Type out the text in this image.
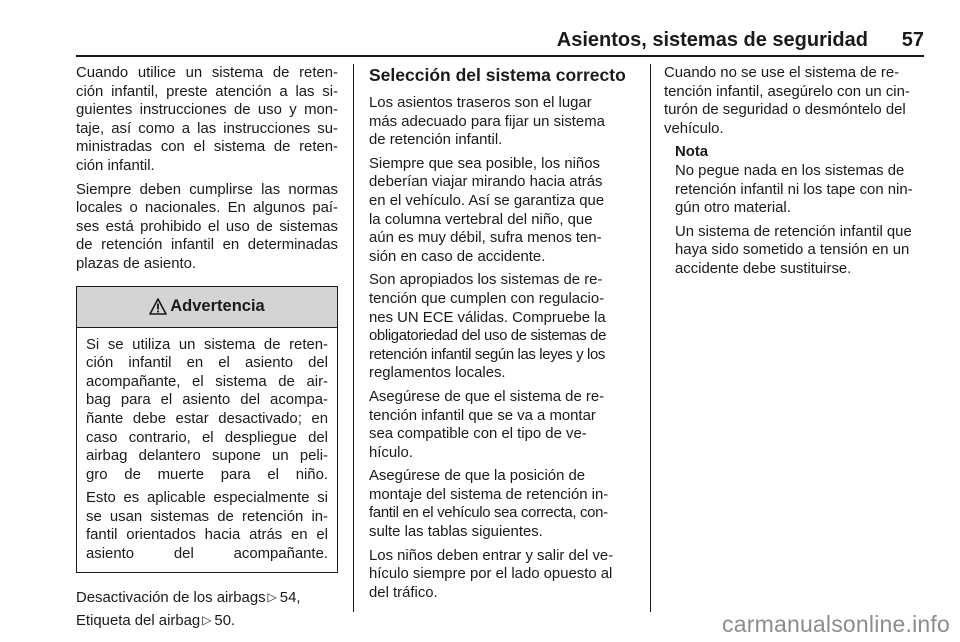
Asientos, sistemas de seguridad 57

Cuando utilice un sistema de reten-
ción infantil, preste atención a las si-
guientes instrucciones de uso y mon-
taje, así como a las instrucciones su-
ministradas con el sistema de reten-
ción infantil.

Siempre deben cumplirse las normas
locales o nacionales. En algunos paí-
ses está prohibido el uso de sistemas
de retención infantil en determinadas
plazas de asiento.

Advertencia

Si se utiliza un sistema de reten-
ción infantil en el asiento del
acompañante, el sistema de air-
bag para el asiento del acompa-
ñante debe estar desactivado; en
caso contrario, el despliegue del
airbag delantero supone un peli-
gro de muerte para el niño.

Esto es aplicable especialmente si
se usan sistemas de retención in-
fantil orientados hacia atrás en el
asiento del acompañante.

Desactivación de los airbags ▷ 54,

Etiqueta del airbag ▷ 50.

Selección del sistema correcto

Los asientos traseros son el lugar
más adecuado para fijar un sistema
de retención infantil.

Siempre que sea posible, los niños
deberían viajar mirando hacia atrás
en el vehículo. Así se garantiza que
la columna vertebral del niño, que
aún es muy débil, sufra menos ten-
sión en caso de accidente.

Son apropiados los sistemas de re-
tención que cumplen con regulacio-
nes UN ECE válidas. Compruebe la
obligatoriedad del uso de sistemas de
retención infantil según las leyes y los
reglamentos locales.

Asegúrese de que el sistema de re-
tención infantil que se va a montar
sea compatible con el tipo de ve-
hículo.

Asegúrese de que la posición de
montaje del sistema de retención in-
fantil en el vehículo sea correcta, con-
sulte las tablas siguientes.

Los niños deben entrar y salir del ve-
hículo siempre por el lado opuesto al
del tráfico.

Cuando no se use el sistema de re-
tención infantil, asegúrelo con un cin-
turón de seguridad o desmóntelo del
vehículo.

Nota

No pegue nada en los sistemas de
retención infantil ni los tape con nin-
gún otro material.

Un sistema de retención infantil que
haya sido sometido a tensión en un
accidente debe sustituirse.

carmanualsonline.info
